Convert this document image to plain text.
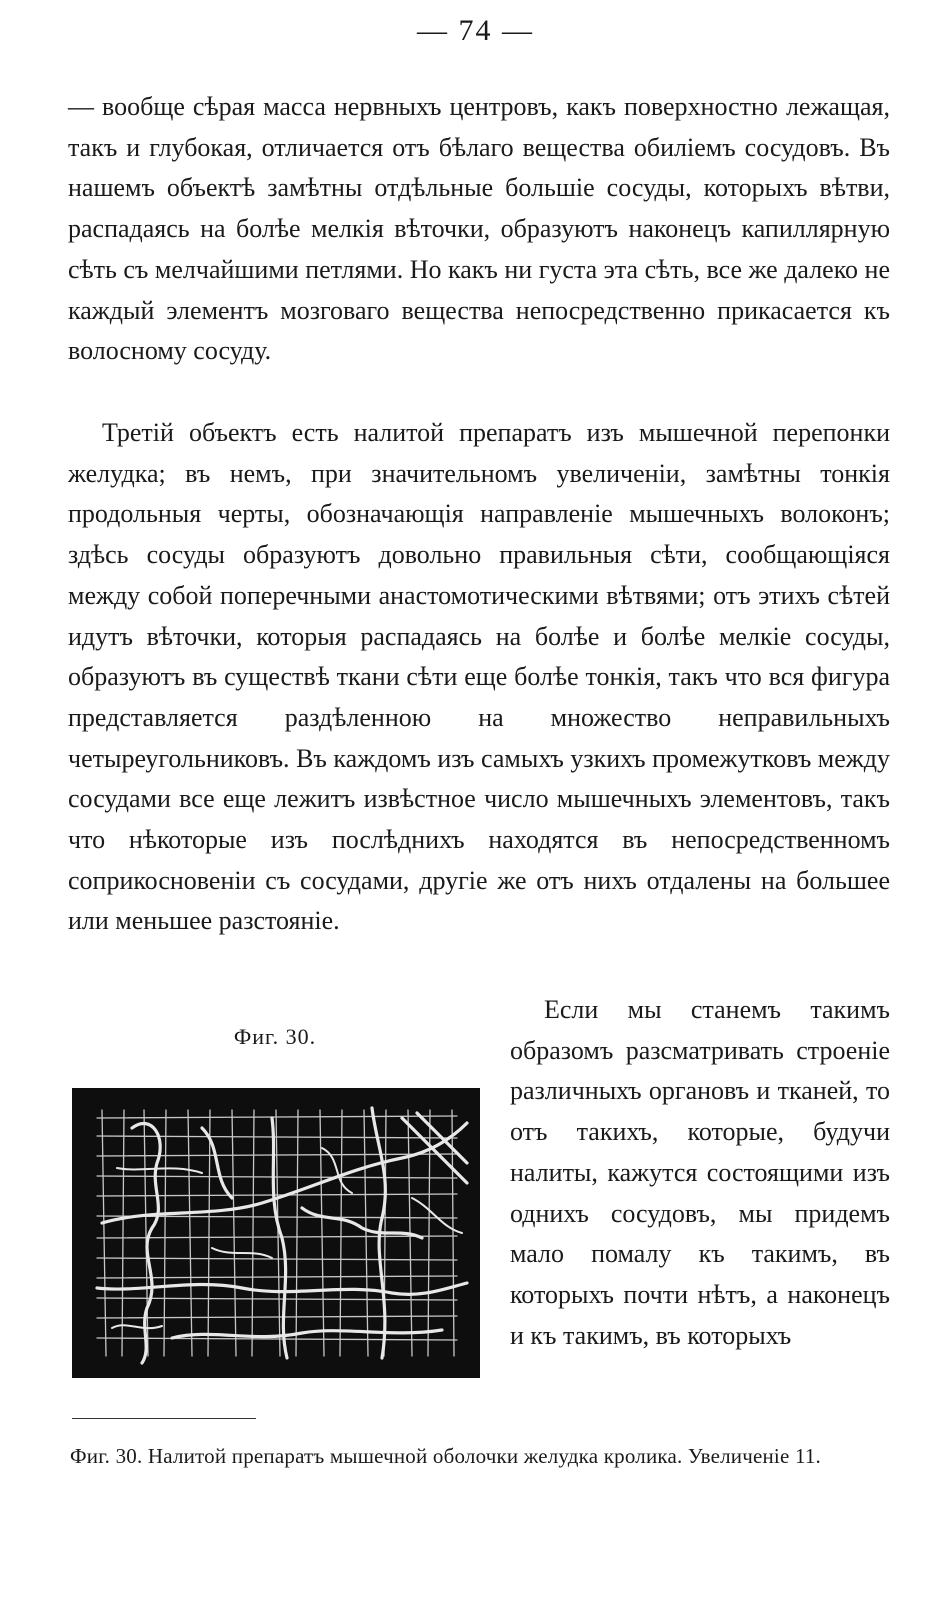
— 74 —
— вообще сѣрая масса нервныхъ центровъ, какъ поверхностно лежащая, такъ и глубокая, отличается отъ бѣлаго вещества обиліемъ сосудовъ. Въ нашемъ объектѣ замѣтны отдѣльные большіе сосуды, которыхъ вѣтви, распадаясь на болѣе мелкія вѣточки, образуютъ наконецъ капиллярную сѣть съ мелчайшими петлями. Но какъ ни густа эта сѣть, все же далеко не каждый элементъ мозговаго вещества непосредственно прикасается къ волосному сосуду.
Третій объектъ есть налитой препаратъ изъ мышечной перепонки желудка; въ немъ, при значительномъ увеличеніи, замѣтны тонкія продольныя черты, обозначающія направленіе мышечныхъ волоконъ; здѣсь сосуды образуютъ довольно правильныя сѣти, сообщающіяся между собой поперечными анастомотическими вѣтвями; отъ этихъ сѣтей идутъ вѣточки, которыя распадаясь на болѣе и болѣе мелкіе сосуды, образуютъ въ существѣ ткани сѣти еще болѣе тонкія, такъ что вся фигура представляется раздѣленною на множество неправильныхъ четыреугольниковъ. Въ каждомъ изъ самыхъ узкихъ промежутковъ между сосудами все еще лежитъ извѣстное число мышечныхъ элементовъ, такъ что нѣкоторые изъ послѣднихъ находятся въ непосредственномъ соприкосновеніи съ сосудами, другіе же отъ нихъ отдалены на большее или меньшее разстояніе.
Фиг. 30.
Если мы станемъ такимъ образомъ разсматривать строеніе различныхъ органовъ и тканей, то отъ такихъ, которые, будучи налиты, кажутся состоящими изъ однихъ сосудовъ, мы придемъ мало помалу къ такимъ, въ которыхъ почти нѣтъ, а наконецъ и къ такимъ, въ которыхъ
Фиг. 30. Налитой препаратъ мышечной оболочки желудка кролика. Увеличеніе 11.
